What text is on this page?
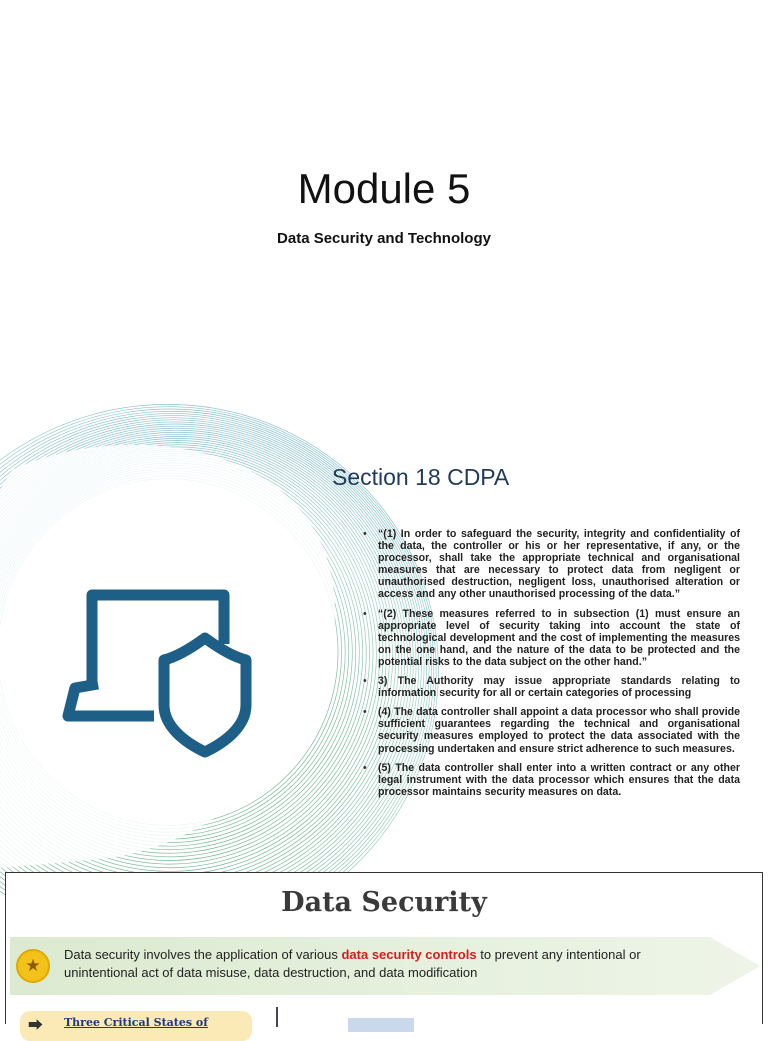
Module 5
Data Security and Technology
Section 18 CDPA
• “(1) In order to safeguard the security, integrity and confidentiality of the data, the controller or his or her representative, if any, or the processor, shall take the appropriate technical and organisational measures that are necessary to protect data from negligent or unauthorised destruction, negligent loss, unauthorised alteration or access and any other unauthorised processing of the data.”
• “(2) These measures referred to in subsection (1) must ensure an appropriate level of security taking into account the state of technological development and the cost of implementing the measures on the one hand, and the nature of the data to be protected and the potential risks to the data subject on the other hand.”
• 3) The Authority may issue appropriate standards relating to information security for all or certain categories of processing
• (4) The data controller shall appoint a data processor who shall provide sufficient guarantees regarding the technical and organisational security measures employed to protect the data associated with the processing undertaken and ensure strict adherence to such measures.
• (5) The data controller shall enter into a written contract or any other legal instrument with the data processor which ensures that the data processor maintains security measures on data.
Data Security
★
Data security involves the application of various data security controls to prevent any intentional or unintentional act of data misuse, data destruction, and data modification
⮕ Three Critical States of
